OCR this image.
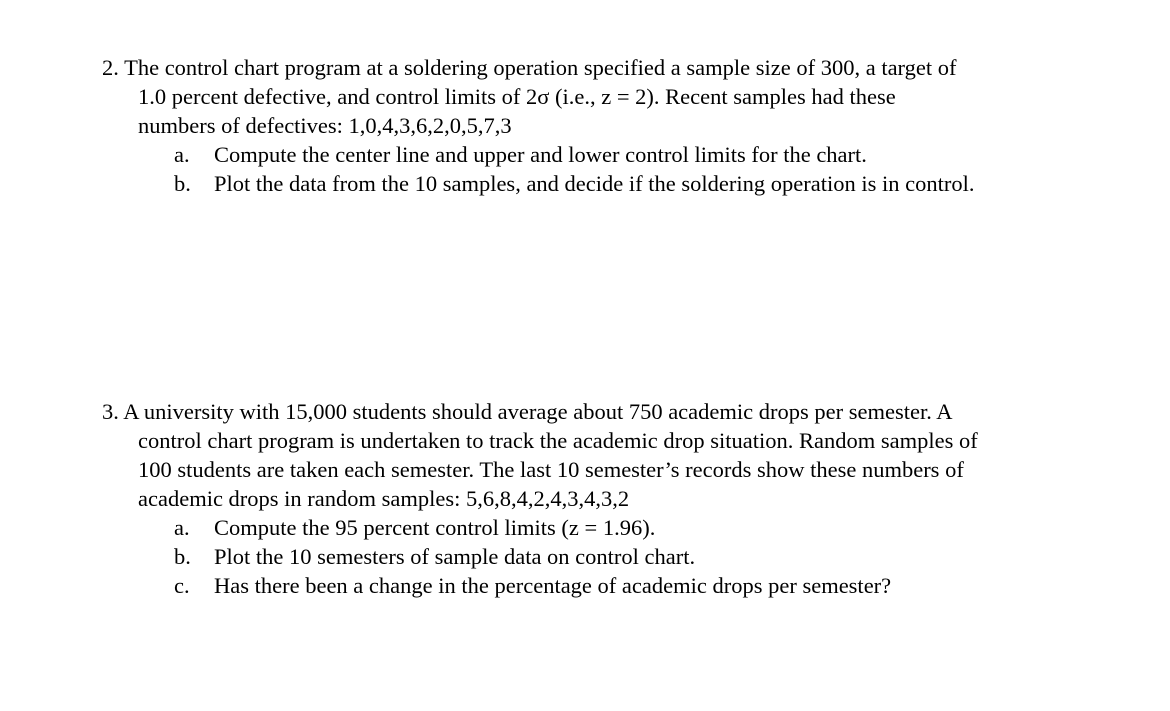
2. The control chart program at a soldering operation specified a sample size of 300, a target of
1.0 percent defective, and control limits of 2σ (i.e., z = 2). Recent samples had these
numbers of defectives: 1,0,4,3,6,2,0,5,7,3
a.	Compute the center line and upper and lower control limits for the chart.
b.	Plot the data from the 10 samples, and decide if the soldering operation is in control.
3. A university with 15,000 students should average about 750 academic drops per semester. A
control chart program is undertaken to track the academic drop situation. Random samples of
100 students are taken each semester. The last 10 semester’s records show these numbers of
academic drops in random samples: 5,6,8,4,2,4,3,4,3,2
a.	Compute the 95 percent control limits (z = 1.96).
b.	Plot the 10 semesters of sample data on control chart.
c.	Has there been a change in the percentage of academic drops per semester?
